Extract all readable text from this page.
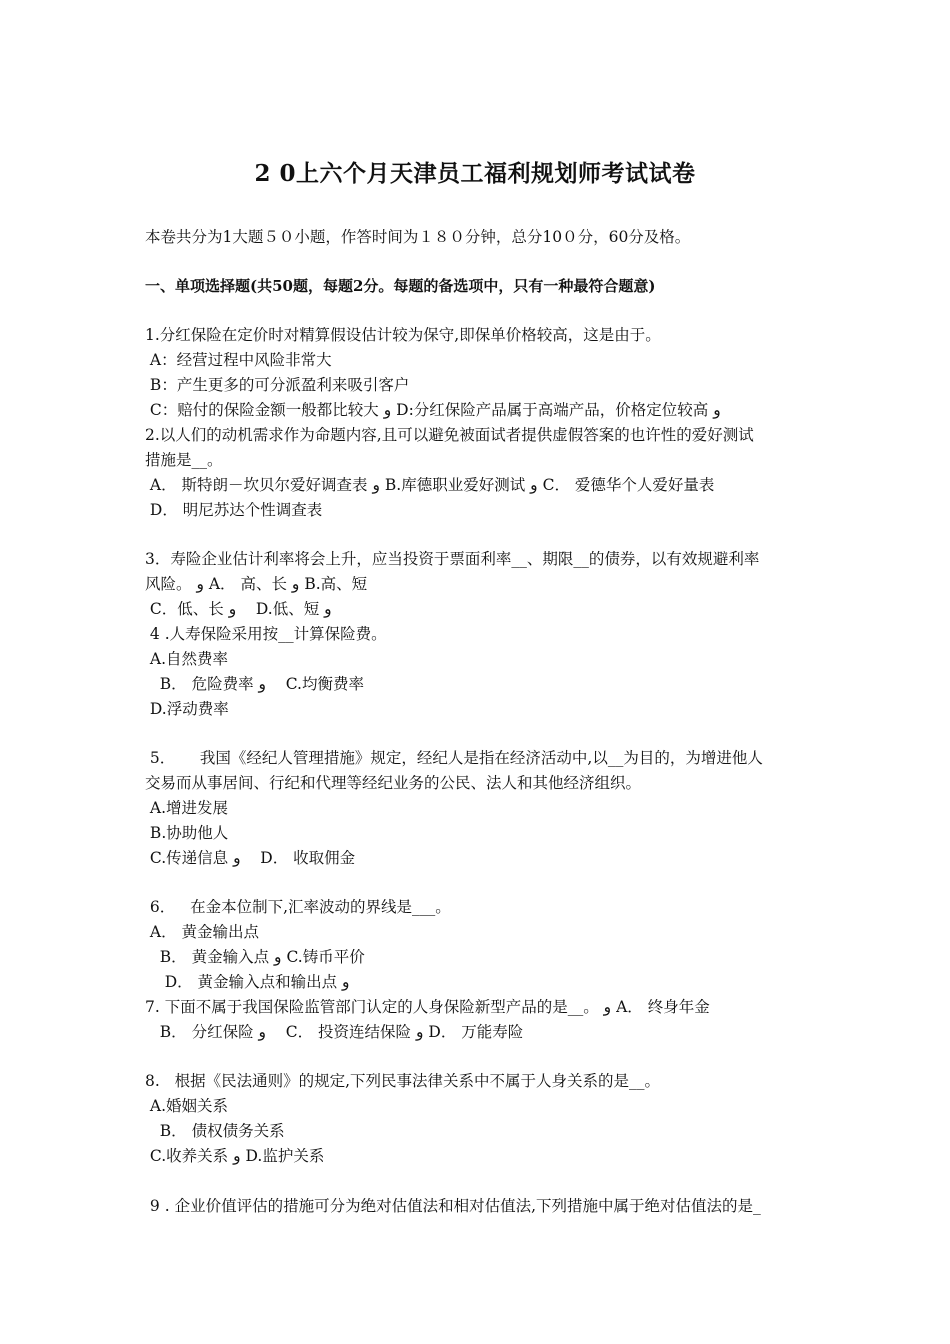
2 0上六个月天津员工福利规划师考试试卷
本卷共分为1大题５０小题，作答时间为１８０分钟，总分10０分，60分及格。
一、单项选择题(共50题，每题2分。每题的备选项中，只有一种最符合题意)
1.分红保险在定价时对精算假设估计较为保守,即保单价格较高，这是由于。
A：经营过程中风险非常大
B：产生更多的可分派盈利来吸引客户
C：赔付的保险金额一般都比较大 و D:分红保险产品属于高端产品，价格定位较高 و
2.以人们的动机需求作为命题内容,且可以避免被面试者提供虚假答案的也许性的爱好测试
措施是__。
A． 斯特朗－坎贝尔爱好调查表 و B.库德职业爱好测试 و C． 爱德华个人爱好量表
D． 明尼苏达个性调查表
3．寿险企业估计利率将会上升，应当投资于票面利率__、期限__的债券，以有效规避利率
风险。 و A． 高、长 و B.高、短
C．低、长 و    D.低、短 و
4 .人寿保险采用按__计算保险费。
A.自然费率
B． 危险费率 و    C.均衡费率
D.浮动费率
5．     我国《经纪人管理措施》规定，经纪人是指在经济活动中,以__为目的，为增进他人
交易而从事居间、行纪和代理等经纪业务的公民、法人和其他经济组织。
A.增进发展
B.协助他人
C.传递信息 و    D． 收取佣金
6．   在金本位制下,汇率波动的界线是___。
A． 黄金输出点
B． 黄金输入点 و C.铸币平价
D． 黄金输入点和输出点 و
7. 下面不属于我国保险监管部门认定的人身保险新型产品的是__。 و A． 终身年金
B． 分红保险 و    C． 投资连结保险 و D． 万能寿险
8.   根据《民法通则》的规定,下列民事法律关系中不属于人身关系的是__。
A.婚姻关系
B． 债权债务关系
C.收养关系 و D.监护关系
9 . 企业价值评估的措施可分为绝对估值法和相对估值法,下列措施中属于绝对估值法的是_
